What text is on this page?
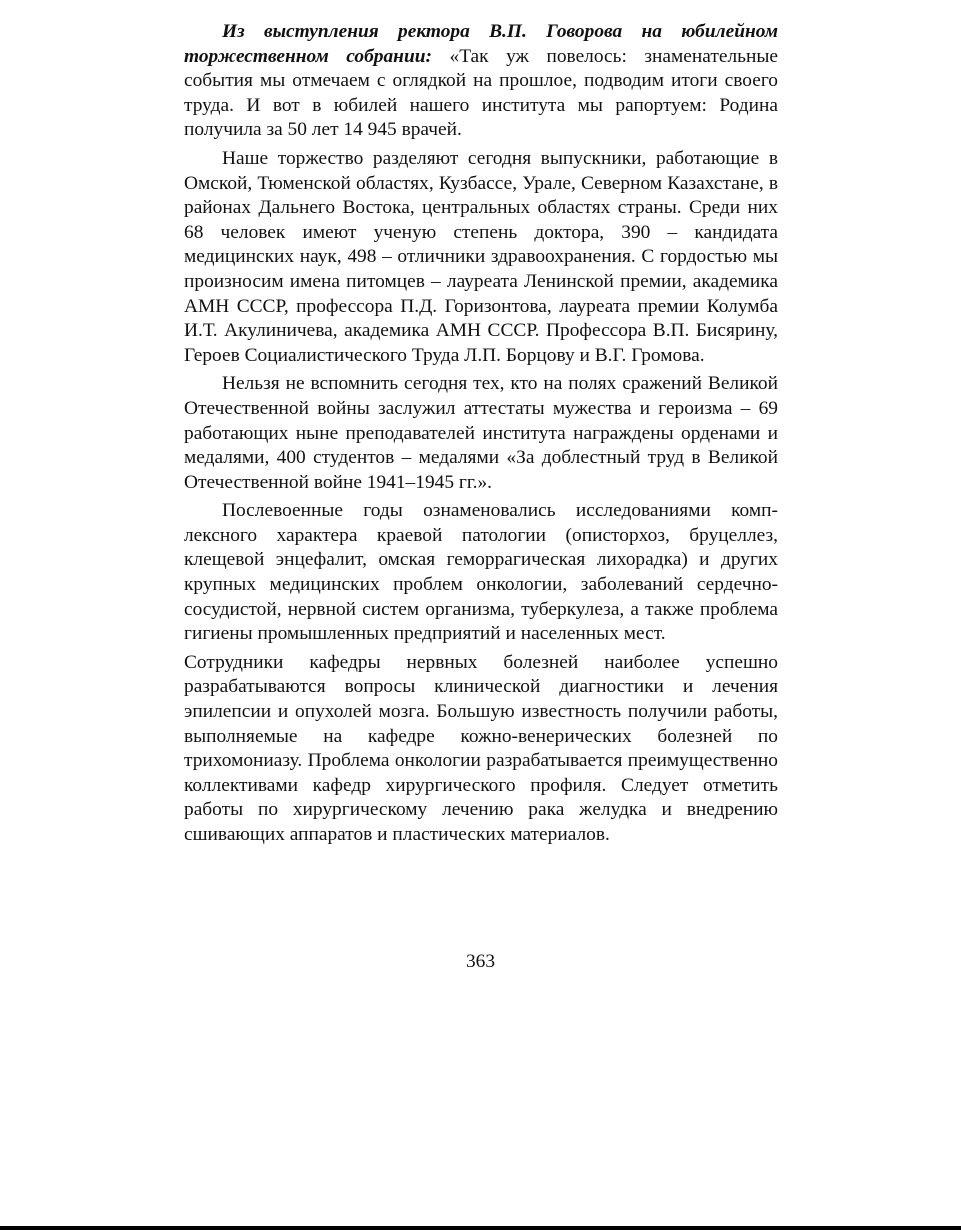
Из выступления ректора В.П. Говорова на юбилейном торжественном собрании: «Так уж повелось: знаменательные события мы отмечаем с оглядкой на прошлое, подводим итоги своего труда. И вот в юбилей нашего института мы рапортуем: Родина получила за 50 лет 14 945 врачей.

Наше торжество разделяют сегодня выпускники, работающие в Омской, Тюменской областях, Кузбассе, Урале, Северном Казахстане, в районах Дальнего Востока, центральных областях страны. Среди них 68 человек имеют ученую степень доктора, 390 – кандидата медицинских наук, 498 – отличники здравоохранения. С гордостью мы произносим имена питомцев – лауреата Ленинской премии, академика АМН СССР, профессора П.Д. Горизонтова, лауреата премии Колумба И.Т. Акулиничева, академика АМН СССР. Профессора В.П. Бисярину, Героев Социалистического Труда Л.П. Борцову и В.Г. Громова.

Нельзя не вспомнить сегодня тех, кто на полях сражений Великой Отечественной войны заслужил аттестаты мужества и героизма – 69 работающих ныне преподавателей института награждены орденами и медалями, 400 студентов – медалями «За доблестный труд в Великой Отечественной войне 1941–1945 гг.».

Послевоенные годы ознаменовались исследованиями комплексного характера краевой патологии (описторхоз, бруцеллез, клещевой энцефалит, омская геморрагическая лихорадка) и других крупных медицинских проблем онкологии, заболеваний сердечно-сосудистой, нервной систем организма, туберкулеза, а также проблема гигиены промышленных предприятий и населенных мест.

Сотрудники кафедры нервных болезней наиболее успешно разрабатываются вопросы клинической диагностики и лечения эпилепсии и опухолей мозга. Большую известность получили работы, выполняемые на кафедре кожно-венерических болезней по трихомониазу. Проблема онкологии разрабатывается преимущественно коллективами кафедр хирургического профиля. Следует отметить работы по хирургическому лечению рака желудка и внедрению сшивающих аппаратов и пластических материалов.

363
